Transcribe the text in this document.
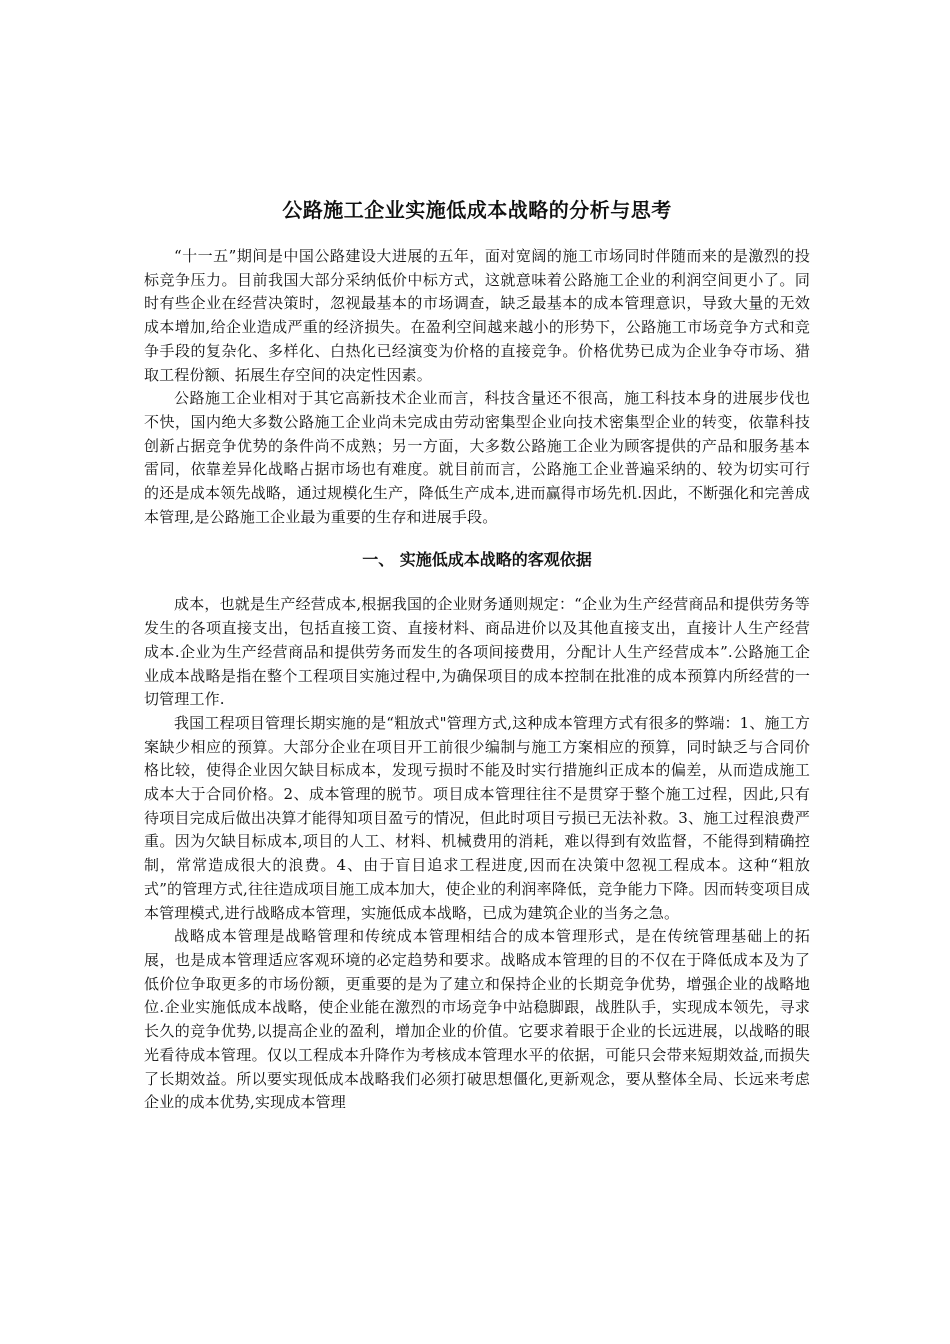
公路施工企业实施低成本战略的分析与思考

“十一五”期间是中国公路建设大进展的五年，面对宽阔的施工市场同时伴随而来的是激烈的投标竞争压力。目前我国大部分采纳低价中标方式，这就意味着公路施工企业的利润空间更小了。同时有些企业在经营决策时，忽视最基本的市场调查，缺乏最基本的成本管理意识，导致大量的无效成本增加,给企业造成严重的经济损失。在盈利空间越来越小的形势下，公路施工市场竞争方式和竞争手段的复杂化、多样化、白热化已经演变为价格的直接竞争。价格优势已成为企业争夺市场、猎取工程份额、拓展生存空间的决定性因素。

公路施工企业相对于其它高新技术企业而言，科技含量还不很高，施工科技本身的进展步伐也不快，国内绝大多数公路施工企业尚未完成由劳动密集型企业向技术密集型企业的转变，依靠科技创新占据竞争优势的条件尚不成熟；另一方面，大多数公路施工企业为顾客提供的产品和服务基本雷同，依靠差异化战略占据市场也有难度。就目前而言，公路施工企业普遍采纳的、较为切实可行的还是成本领先战略，通过规模化生产，降低生产成本,进而赢得市场先机.因此，不断强化和完善成本管理,是公路施工企业最为重要的生存和进展手段。

一、 实施低成本战略的客观依据

成本，也就是生产经营成本,根据我国的企业财务通则规定：“企业为生产经营商品和提供劳务等发生的各项直接支出，包括直接工资、直接材料、商品进价以及其他直接支出，直接计人生产经营成本.企业为生产经营商品和提供劳务而发生的各项间接费用，分配计人生产经营成本”.公路施工企业成本战略是指在整个工程项目实施过程中,为确保项目的成本控制在批准的成本预算内所经营的一切管理工作.

我国工程项目管理长期实施的是“粗放式"管理方式,这种成本管理方式有很多的弊端：1、施工方案缺少相应的预算。大部分企业在项目开工前很少编制与施工方案相应的预算，同时缺乏与合同价格比较，使得企业因欠缺目标成本，发现亏损时不能及时实行措施纠正成本的偏差，从而造成施工成本大于合同价格。2、成本管理的脱节。项目成本管理往往不是贯穿于整个施工过程，因此,只有待项目完成后做出决算才能得知项目盈亏的情况，但此时项目亏损已无法补救。3、施工过程浪费严重。因为欠缺目标成本,项目的人工、材料、机械费用的消耗，难以得到有效监督，不能得到精确控制，常常造成很大的浪费。4、由于盲目追求工程进度,因而在决策中忽视工程成本。这种“粗放式”的管理方式,往往造成项目施工成本加大，使企业的利润率降低，竞争能力下降。因而转变项目成本管理模式,进行战略成本管理，实施低成本战略，已成为建筑企业的当务之急。

战略成本管理是战略管理和传统成本管理相结合的成本管理形式，是在传统管理基础上的拓展，也是成本管理适应客观环境的必定趋势和要求。战略成本管理的目的不仅在于降低成本及为了低价位争取更多的市场份额，更重要的是为了建立和保持企业的长期竞争优势，增强企业的战略地位.企业实施低成本战略，使企业能在激烈的市场竞争中站稳脚跟，战胜队手，实现成本领先，寻求长久的竞争优势,以提高企业的盈利，增加企业的价值。它要求着眼于企业的长远进展，以战略的眼光看待成本管理。仅以工程成本升降作为考核成本管理水平的依据，可能只会带来短期效益,而损失了长期效益。所以要实现低成本战略我们必须打破思想僵化,更新观念，要从整体全局、长远来考虑企业的成本优势,实现成本管理
